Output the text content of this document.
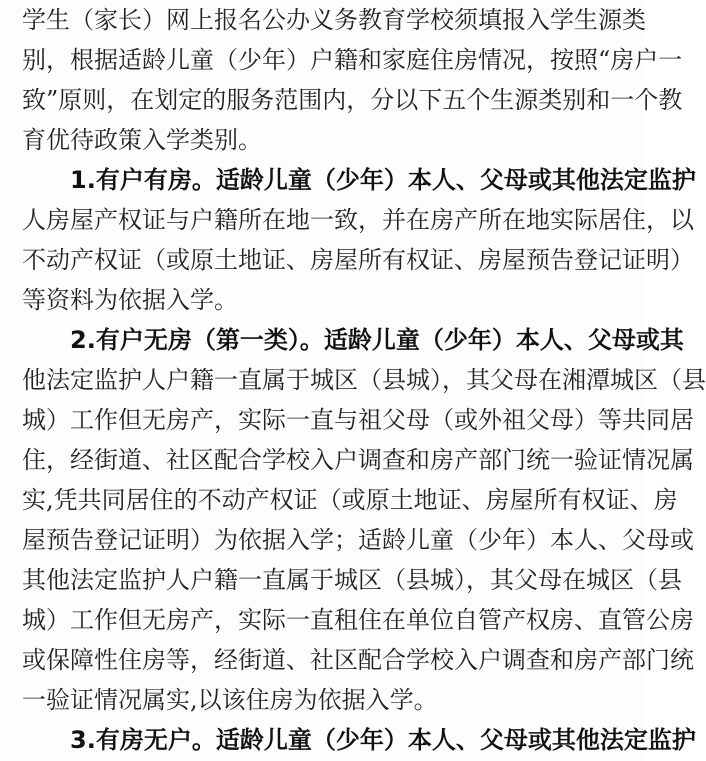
学生（家长）网上报名公办义务教育学校须填报入学生源类
别，根据适龄儿童（少年）户籍和家庭住房情况，按照“房户一
致”原则，在划定的服务范围内，分以下五个生源类别和一个教
育优待政策入学类别。
1.有户有房。适龄儿童（少年）本人、父母或其他法定监护
人房屋产权证与户籍所在地一致，并在房产所在地实际居住，以
不动产权证（或原土地证、房屋所有权证、房屋预告登记证明）
等资料为依据入学。
2.有户无房（第一类）。适龄儿童（少年）本人、父母或其
他法定监护人户籍一直属于城区（县城），其父母在湘潭城区（县
城）工作但无房产，实际一直与祖父母（或外祖父母）等共同居
住，经街道、社区配合学校入户调查和房产部门统一验证情况属
实,凭共同居住的不动产权证（或原土地证、房屋所有权证、房
屋预告登记证明）为依据入学；适龄儿童（少年）本人、父母或
其他法定监护人户籍一直属于城区（县城），其父母在城区（县
城）工作但无房产，实际一直租住在单位自管产权房、直管公房
或保障性住房等，经街道、社区配合学校入户调查和房产部门统
一验证情况属实,以该住房为依据入学。
3.有房无户。适龄儿童（少年）本人、父母或其他法定监护
